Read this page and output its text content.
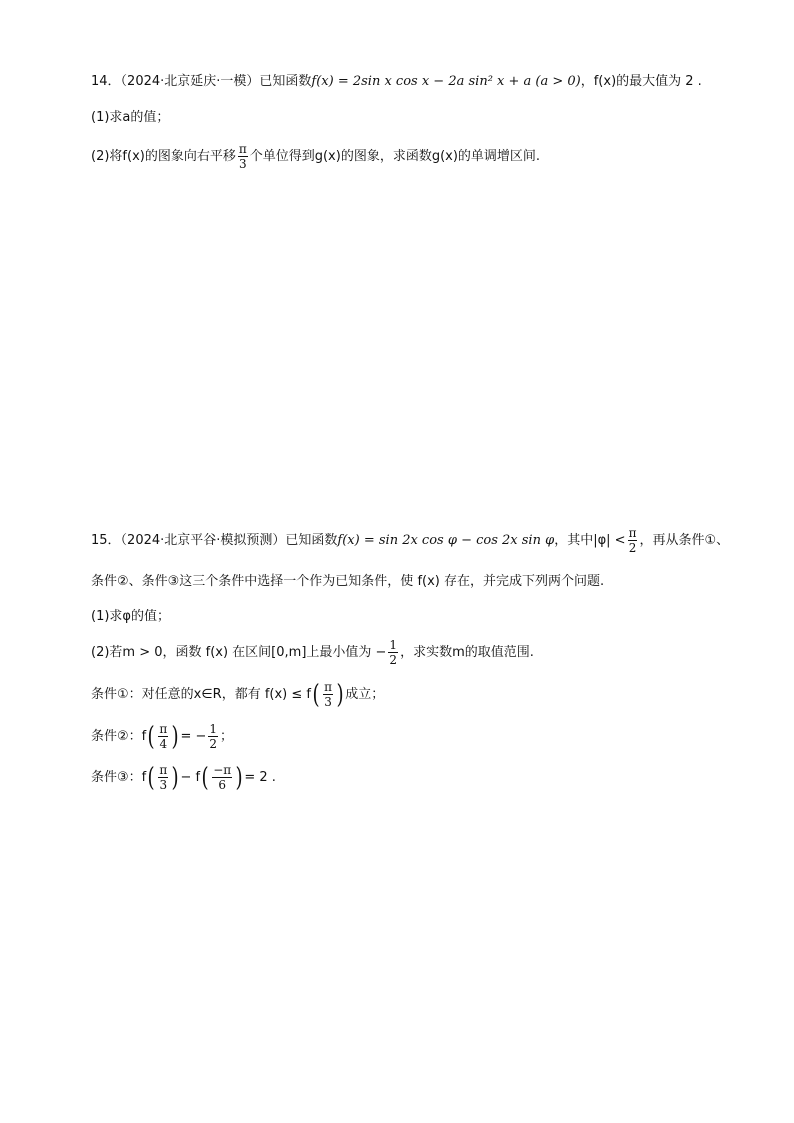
14．（2024·北京延庆·一模）已知函数f(x) = 2sin x cos x − 2a sin² x + a (a > 0)，f(x)的最大值为 2 .
(1)求a的值；
(2)将f(x)的图象向右平移 $\frac{\pi}{3}$ 个单位得到g(x)的图象，求函数g(x)的单调增区间.
15．（2024·北京平谷·模拟预测）已知函数f(x) = sin 2x cos φ − cos 2x sin φ，其中$|\varphi| < \frac{\pi}{2}$ ，再从条件①、
条件②、条件③这三个条件中选择一个作为已知条件，使 f(x) 存在，并完成下列两个问题.
(1)求φ的值；
(2)若m > 0，函数 f(x) 在区间[0,m]上最小值为 − $\frac{1}{2}$ ，求实数m的取值范围.
条件①：对任意的x∈R，都有 $f(x) \le f( \frac{\pi}{3}$ ) 成立；
条件②：$f( \frac{\pi}{4}$ ) = − $\frac{1}{2}$ ；
条件③：$f( \frac{\pi}{3}$ ) − $f( \frac{-\pi}{6}$ ) = 2 .
